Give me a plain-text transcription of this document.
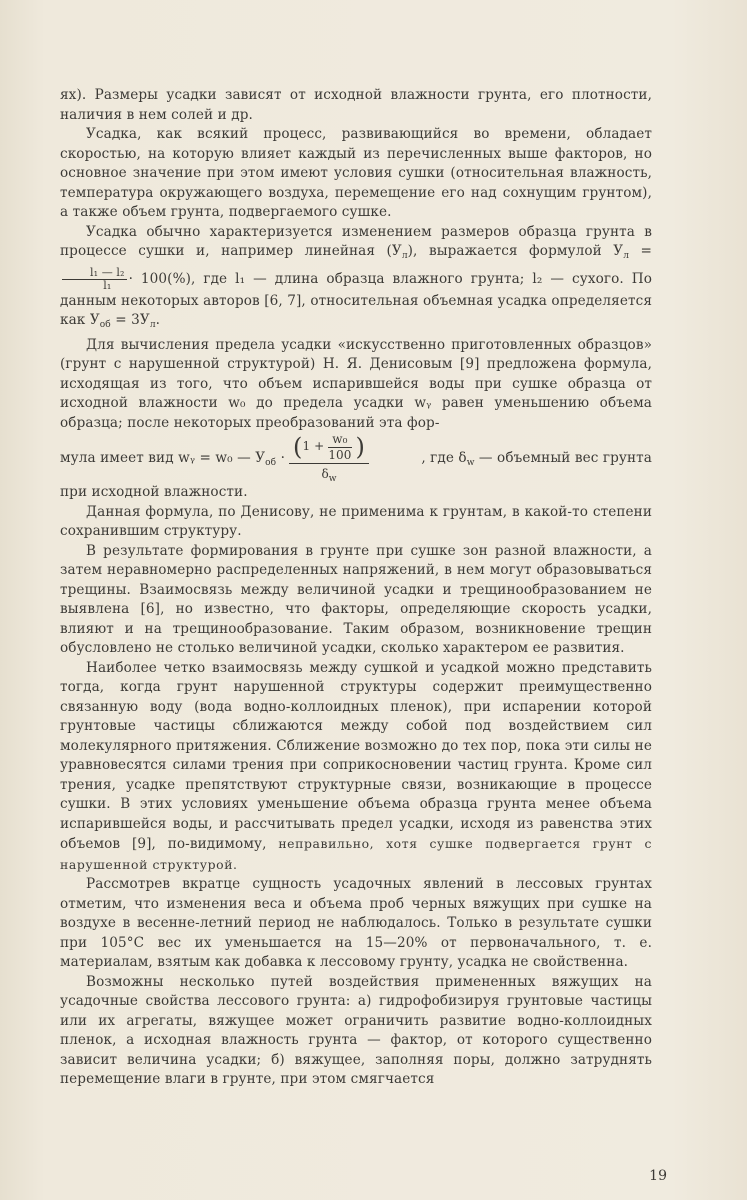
ях). Размеры усадки зависят от исходной влажности грунта, его плотности, наличия в нем солей и др.

Усадка, как всякий процесс, развивающийся во времени, обладает скоростью, на которую влияет каждый из перечисленных выше факторов, но основное значение при этом имеют условия сушки (относительная влажность, температура окружающего воздуха, перемещение его над сохнущим грунтом), а также объем грунта, подвергаемого сушке.

Усадка обычно характеризуется изменением размеров образца грунта в процессе сушки и, например линейная $(У_л)$, выражается формулой $У_л$ =
$\frac{\text{l₁ — l₂}}{\text{l₁}} \cdot 100(\%)$, где l₁ — длина образца влажного грунта; l₂ — сухого. По данным некоторых авторов [6, 7], относительная объемная усадка определяется как $У_{об} = 3У_л$.

Для вычисления предела усадки «искусственно приготовленных образцов» (грунт с нарушенной структурой) Н. Я. Денисовым [9] предложена формула, исходящая из того, что объем испарившейся воды при сушке образца от исходной влажности w₀ до предела усадки wᵧ равен уменьшению объема образца; после некоторых преобразований эта фор-

мула имеет вид wᵧ = w₀ — $У_{об} \cdot \frac{( 1 + \frac{\text{w₀}}{100} )}{\delta_w}$	, где $\delta_w$ — объемный вес грунта

при исходной влажности.

Данная формула, по Денисову, не применима к грунтам, в какой-то степени сохранившим структуру.

В результате формирования в грунте при сушке зон разной влажности, а затем неравномерно распределенных напряжений, в нем могут образовываться трещины. Взаимосвязь между величиной усадки и трещинообразованием не выявлена [6], но известно, что факторы, определяющие скорость усадки, влияют и на трещинообразование. Таким образом, возникновение трещин обусловлено не столько величиной усадки, сколько характером ее развития.

Наиболее четко взаимосвязь между сушкой и усадкой можно представить тогда, когда грунт нарушенной структуры содержит преимущественно связанную воду (вода водно-коллоидных пленок), при испарении которой грунтовые частицы сближаются между собой под воздействием сил молекулярного притяжения. Сближение возможно до тех пор, пока эти силы не уравновесятся силами трения при соприкосновении частиц грунта. Кроме сил трения, усадке препятствуют структурные связи, возникающие в процессе сушки. В этих условиях уменьшение объема образца грунта менее объема испарившейся воды, и рассчитывать предел усадки, исходя из равенства этих объемов [9], по-видимому, неправильно, хотя сушке подвергается грунт с нарушенной структурой.

Рассмотрев вкратце сущность усадочных явлений в лессовых грунтах отметим, что изменения веса и объема проб черных вяжущих при сушке на воздухе в весенне-летний период не наблюдалось. Только в результате сушки при 105°C вес их уменьшается на 15—20% от первоначального, т. е. материалам, взятым как добавка к лессовому грунту, усадка не свойственна.

Возможны несколько путей воздействия примененных вяжущих на усадочные свойства лессового грунта: а) гидрофобизируя грунтовые частицы или их агрегаты, вяжущее может ограничить развитие водно-коллоидных пленок, а исходная влажность грунта — фактор, от которого существенно зависит величина усадки; б) вяжущее, заполняя поры, должно затруднять перемещение влаги в грунте, при этом смягчается

19
